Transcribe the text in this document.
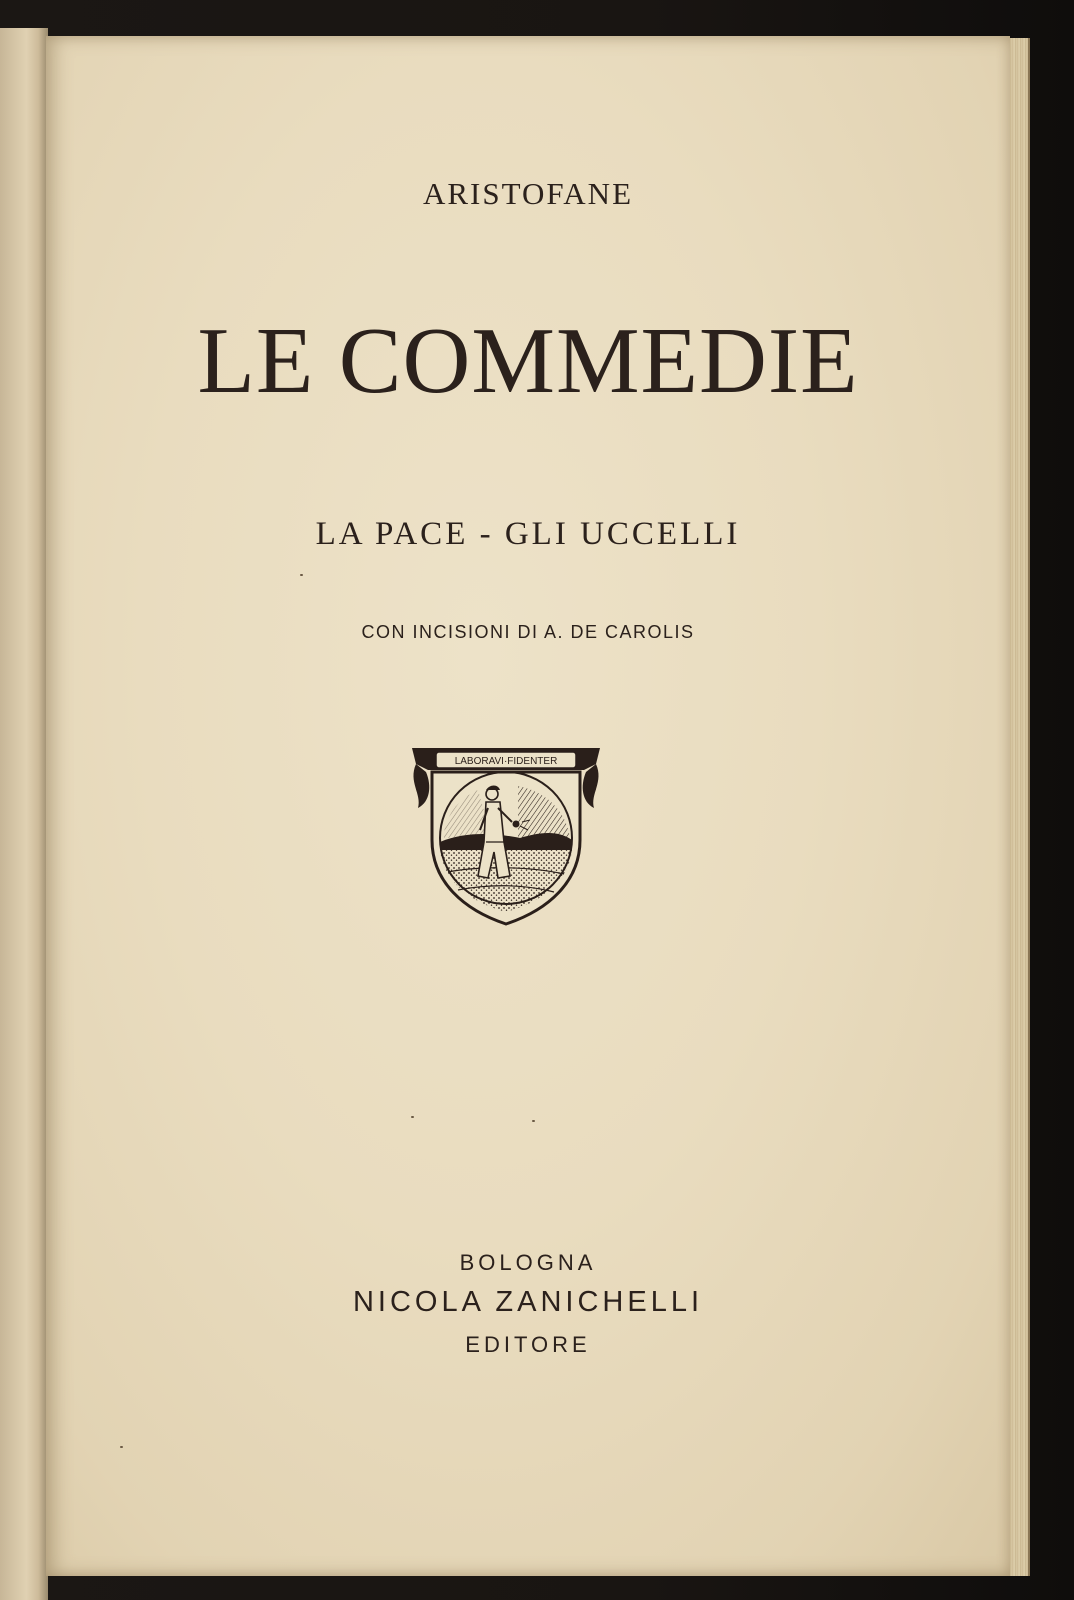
ARISTOFANE
LE COMMEDIE
LA PACE - GLI UCCELLI
CON INCISIONI DI A. DE CAROLIS
LABORAVI·FIDENTER
BOLOGNA
NICOLA ZANICHELLI
EDITORE
